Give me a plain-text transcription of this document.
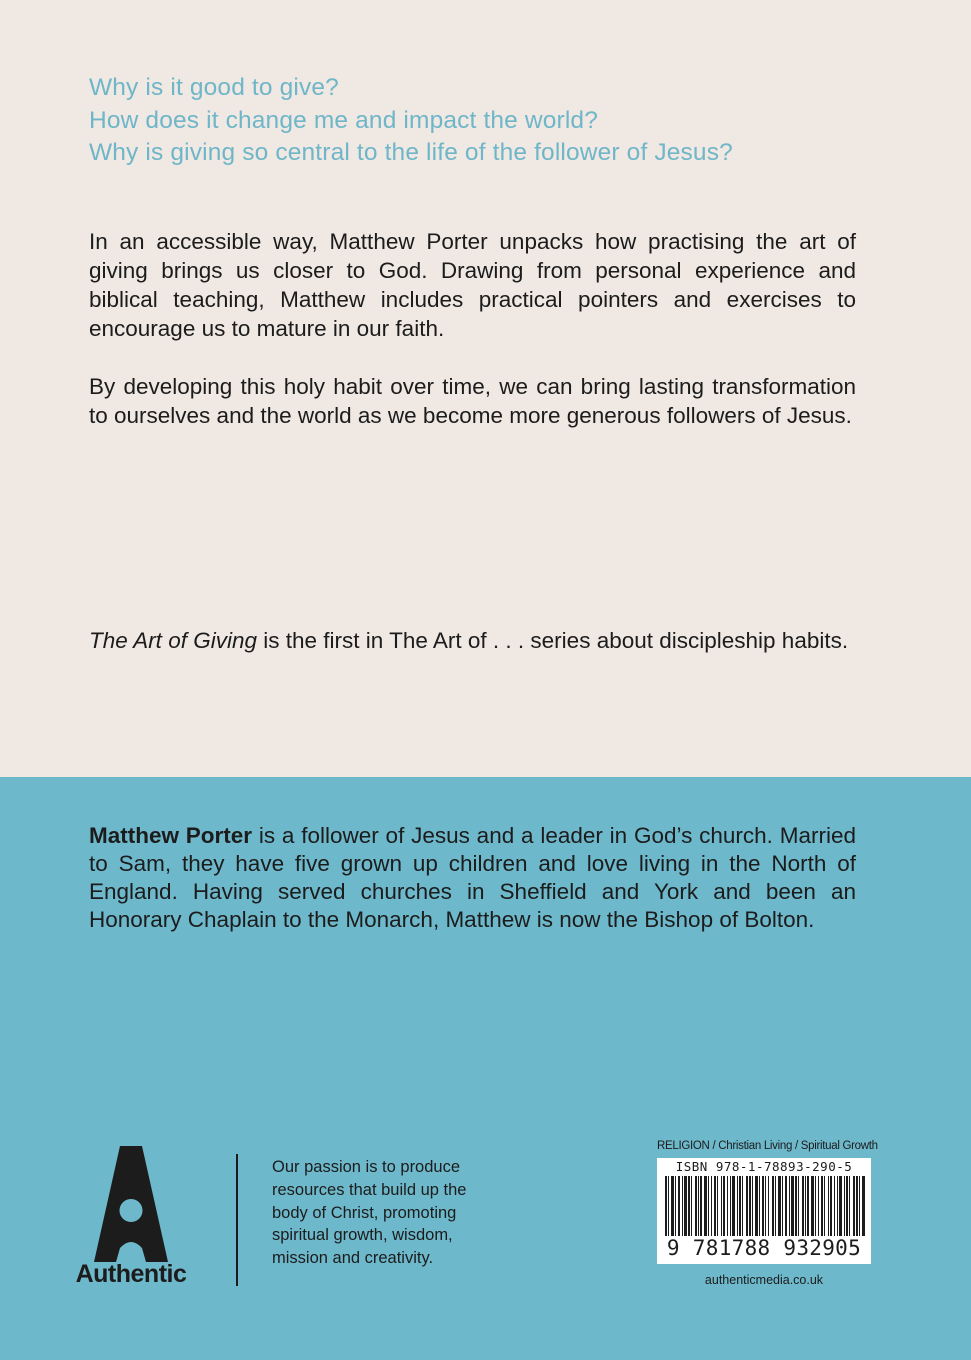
Why is it good to give?
How does it change me and impact the world?
Why is giving so central to the life of the follower of Jesus?
In an accessible way, Matthew Porter unpacks how practising the art of giving brings us closer to God. Drawing from personal experience and biblical teaching, Matthew includes practical pointers and exercises to encourage us to mature in our faith.
By developing this holy habit over time, we can bring lasting transformation to ourselves and the world as we become more generous followers of Jesus.
The Art of Giving is the first in The Art of . . . series about discipleship habits.
Matthew Porter is a follower of Jesus and a leader in God’s church. Married to Sam, they have five grown up children and love living in the North of England. Having served churches in Sheffield and York and been an Honorary Chaplain to the Monarch, Matthew is now the Bishop of Bolton.
Authentic
Our passion is to produce resources that build up the body of Christ, promoting spiritual growth, wisdom, mission and creativity.
RELIGION / Christian Living / Spiritual Growth
ISBN 978-1-78893-290-5
9 781788 932905
authenticmedia.co.uk
